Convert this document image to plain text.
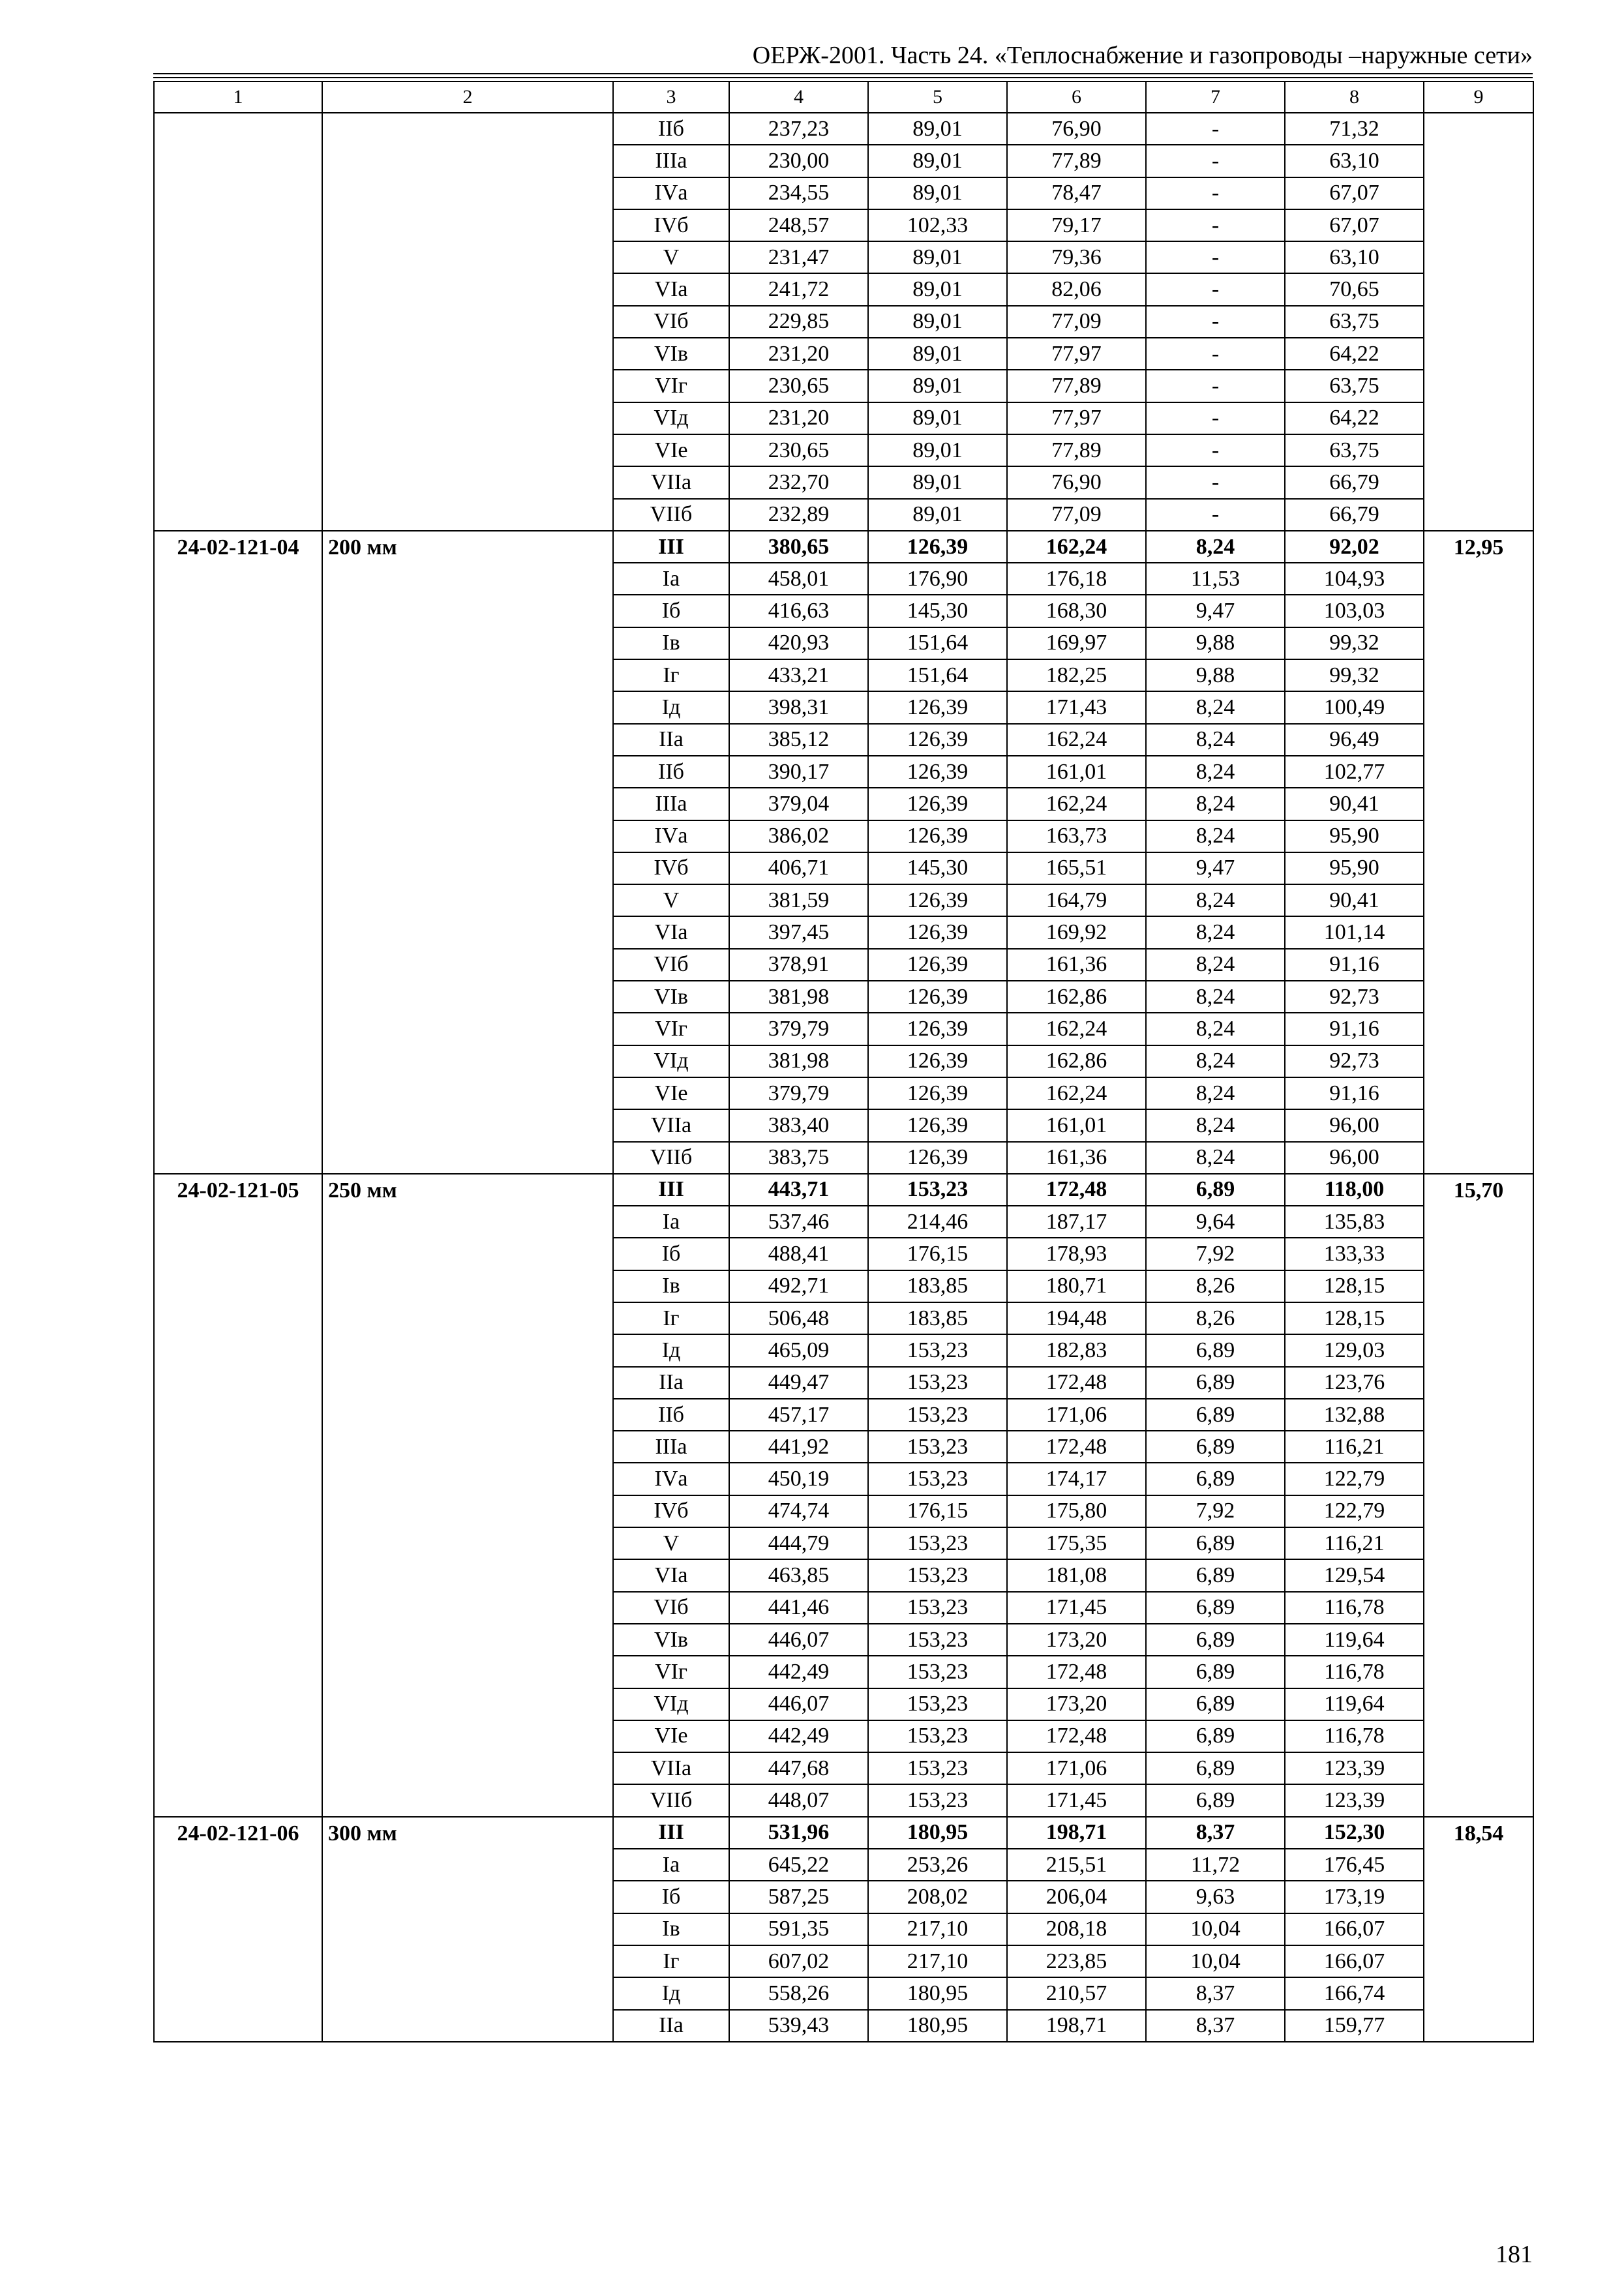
ОЕРЖ-2001. Часть 24. «Теплоснабжение и газопроводы –наружные сети»
1	2	3	4	5	6	7	8	9
		IIб	237,23	89,01	76,90	-	71,32	
		IIIа	230,00	89,01	77,89	-	63,10	
		IVа	234,55	89,01	78,47	-	67,07	
		IVб	248,57	102,33	79,17	-	67,07	
		V	231,47	89,01	79,36	-	63,10	
		VIа	241,72	89,01	82,06	-	70,65	
		VIб	229,85	89,01	77,09	-	63,75	
		VIв	231,20	89,01	77,97	-	64,22	
		VIг	230,65	89,01	77,89	-	63,75	
		VIд	231,20	89,01	77,97	-	64,22	
		VIе	230,65	89,01	77,89	-	63,75	
		VIIа	232,70	89,01	76,90	-	66,79	
		VIIб	232,89	89,01	77,09	-	66,79	
24-02-121-04	200 мм	III	380,65	126,39	162,24	8,24	92,02	12,95
		Iа	458,01	176,90	176,18	11,53	104,93	
		Iб	416,63	145,30	168,30	9,47	103,03	
		Iв	420,93	151,64	169,97	9,88	99,32	
		Iг	433,21	151,64	182,25	9,88	99,32	
		Iд	398,31	126,39	171,43	8,24	100,49	
		IIа	385,12	126,39	162,24	8,24	96,49	
		IIб	390,17	126,39	161,01	8,24	102,77	
		IIIа	379,04	126,39	162,24	8,24	90,41	
		IVа	386,02	126,39	163,73	8,24	95,90	
		IVб	406,71	145,30	165,51	9,47	95,90	
		V	381,59	126,39	164,79	8,24	90,41	
		VIа	397,45	126,39	169,92	8,24	101,14	
		VIб	378,91	126,39	161,36	8,24	91,16	
		VIв	381,98	126,39	162,86	8,24	92,73	
		VIг	379,79	126,39	162,24	8,24	91,16	
		VIд	381,98	126,39	162,86	8,24	92,73	
		VIе	379,79	126,39	162,24	8,24	91,16	
		VIIа	383,40	126,39	161,01	8,24	96,00	
		VIIб	383,75	126,39	161,36	8,24	96,00	
24-02-121-05	250 мм	III	443,71	153,23	172,48	6,89	118,00	15,70
		Iа	537,46	214,46	187,17	9,64	135,83	
		Iб	488,41	176,15	178,93	7,92	133,33	
		Iв	492,71	183,85	180,71	8,26	128,15	
		Iг	506,48	183,85	194,48	8,26	128,15	
		Iд	465,09	153,23	182,83	6,89	129,03	
		IIа	449,47	153,23	172,48	6,89	123,76	
		IIб	457,17	153,23	171,06	6,89	132,88	
		IIIа	441,92	153,23	172,48	6,89	116,21	
		IVа	450,19	153,23	174,17	6,89	122,79	
		IVб	474,74	176,15	175,80	7,92	122,79	
		V	444,79	153,23	175,35	6,89	116,21	
		VIа	463,85	153,23	181,08	6,89	129,54	
		VIб	441,46	153,23	171,45	6,89	116,78	
		VIв	446,07	153,23	173,20	6,89	119,64	
		VIг	442,49	153,23	172,48	6,89	116,78	
		VIд	446,07	153,23	173,20	6,89	119,64	
		VIе	442,49	153,23	172,48	6,89	116,78	
		VIIа	447,68	153,23	171,06	6,89	123,39	
		VIIб	448,07	153,23	171,45	6,89	123,39	
24-02-121-06	300 мм	III	531,96	180,95	198,71	8,37	152,30	18,54
		Iа	645,22	253,26	215,51	11,72	176,45	
		Iб	587,25	208,02	206,04	9,63	173,19	
		Iв	591,35	217,10	208,18	10,04	166,07	
		Iг	607,02	217,10	223,85	10,04	166,07	
		Iд	558,26	180,95	210,57	8,37	166,74	
		IIа	539,43	180,95	198,71	8,37	159,77	
181
